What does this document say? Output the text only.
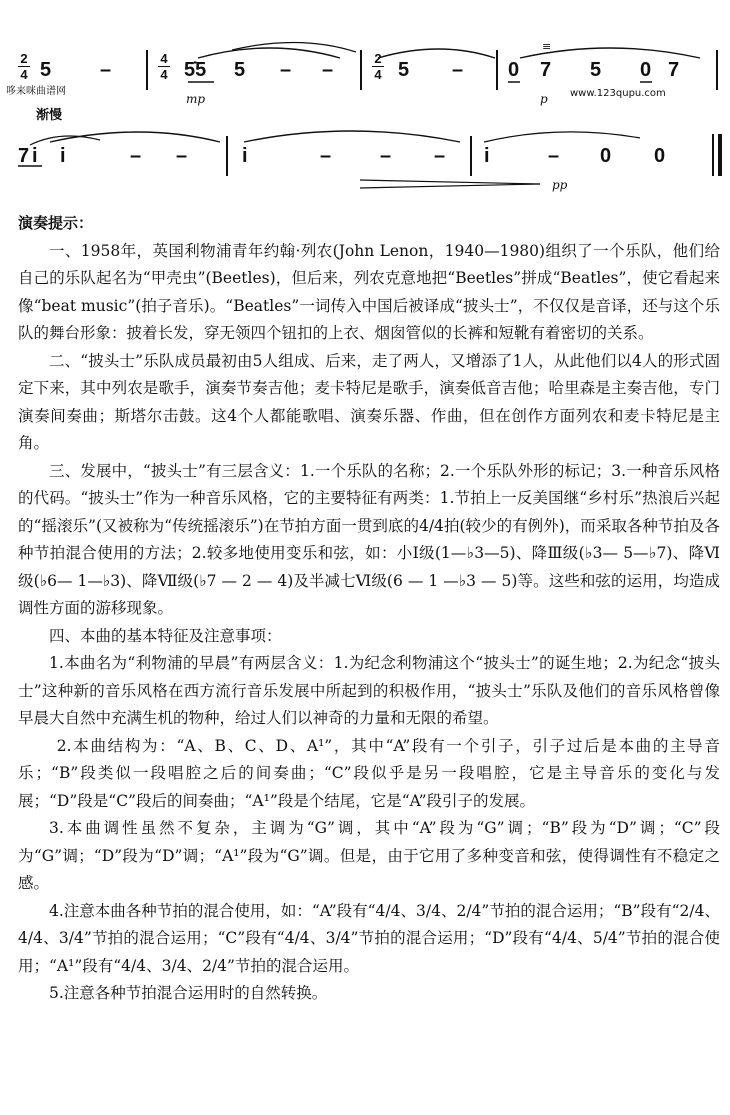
2
4 5 –
4
4 5̇5 5 – –
mp
2
4 5 – 0 7
≡
p
5 0 7
哆来咪曲谱网	www.123qupu.com
渐慢
7 i i	– –	i	– – – i	– 0 0
pp

演奏提示：

一、1958年，英国利物浦青年约翰·列农(John Lenon，1940—1980)组织了一个乐队，他们给自己的乐队起名为“甲壳虫”(Beetles)，但后来，列农克意地把“Beetles”拼成“Beatles”，使它看起来像“beat music”(拍子音乐)。“Beatles”一词传入中国后被译成“披头士”，不仅仅是音译，还与这个乐队的舞台形象：披着长发，穿无领四个钮扣的上衣、烟囱管似的长裤和短靴有着密切的关系。

二、“披头士”乐队成员最初由5人组成、后来，走了两人，又增添了1人，从此他们以4人的形式固定下来，其中列农是歌手，演奏节奏吉他；麦卡特尼是歌手，演奏低音吉他；哈里森是主奏吉他，专门演奏间奏曲；斯塔尔击鼓。这4个人都能歌唱、演奏乐器、作曲，但在创作方面列农和麦卡特尼是主角。

三、发展中，“披头士”有三层含义：1.一个乐队的名称；2.一个乐队外形的标记；3.一种音乐风格的代码。“披头士”作为一种音乐风格，它的主要特征有两类：1.节拍上一反美国继“乡村乐”热浪后兴起的“摇滚乐”(又被称为“传统摇滚乐”)在节拍方面一贯到底的4/4拍(较少的有例外)，而采取各种节拍及各种节拍混合使用的方法；2.较多地使用变乐和弦，如：小Ⅰ级(1—♭3—5)、降Ⅲ级(♭3— 5—♭7)、降Ⅵ级(♭6— 1—♭3)、降Ⅶ级(♭7 — 2 — 4)及半减七Ⅵ级(6 — 1 —♭3 — 5)等。这些和弦的运用，均造成调性方面的游移现象。

四、本曲的基本特征及注意事项：

1.本曲名为“利物浦的早晨”有两层含义：1.为纪念利物浦这个“披头士”的诞生地；2.为纪念“披头士”这种新的音乐风格在西方流行音乐发展中所起到的积极作用，“披头士”乐队及他们的音乐风格曾像早晨大自然中充满生机的物种，给过人们以神奇的力量和无限的希望。

2.本曲结构为：“A、B、C、D、A¹”，其中“A”段有一个引子，引子过后是本曲的主导音乐；“B”段类似一段唱腔之后的间奏曲；“C”段似乎是另一段唱腔，它是主导音乐的变化与发展；“D”段是“C”段后的间奏曲；“A¹”段是个结尾，它是“A”段引子的发展。

3.本曲调性虽然不复杂，主调为“G”调，其中“A”段为“G”调；“B”段为“D”调；“C”段为“G”调；“D”段为“D”调；“A¹”段为“G”调。但是，由于它用了多种变音和弦，使得调性有不稳定之感。

4.注意本曲各种节拍的混合使用，如：“A”段有“4/4、3/4、2/4”节拍的混合运用；“B”段有“2/4、4/4、3/4”节拍的混合运用；“C”段有“4/4、3/4”节拍的混合运用；“D”段有“4/4、5/4”节拍的混合使用；“A¹”段有“4/4、3/4、2/4”节拍的混合运用。

5.注意各种节拍混合运用时的自然转换。
